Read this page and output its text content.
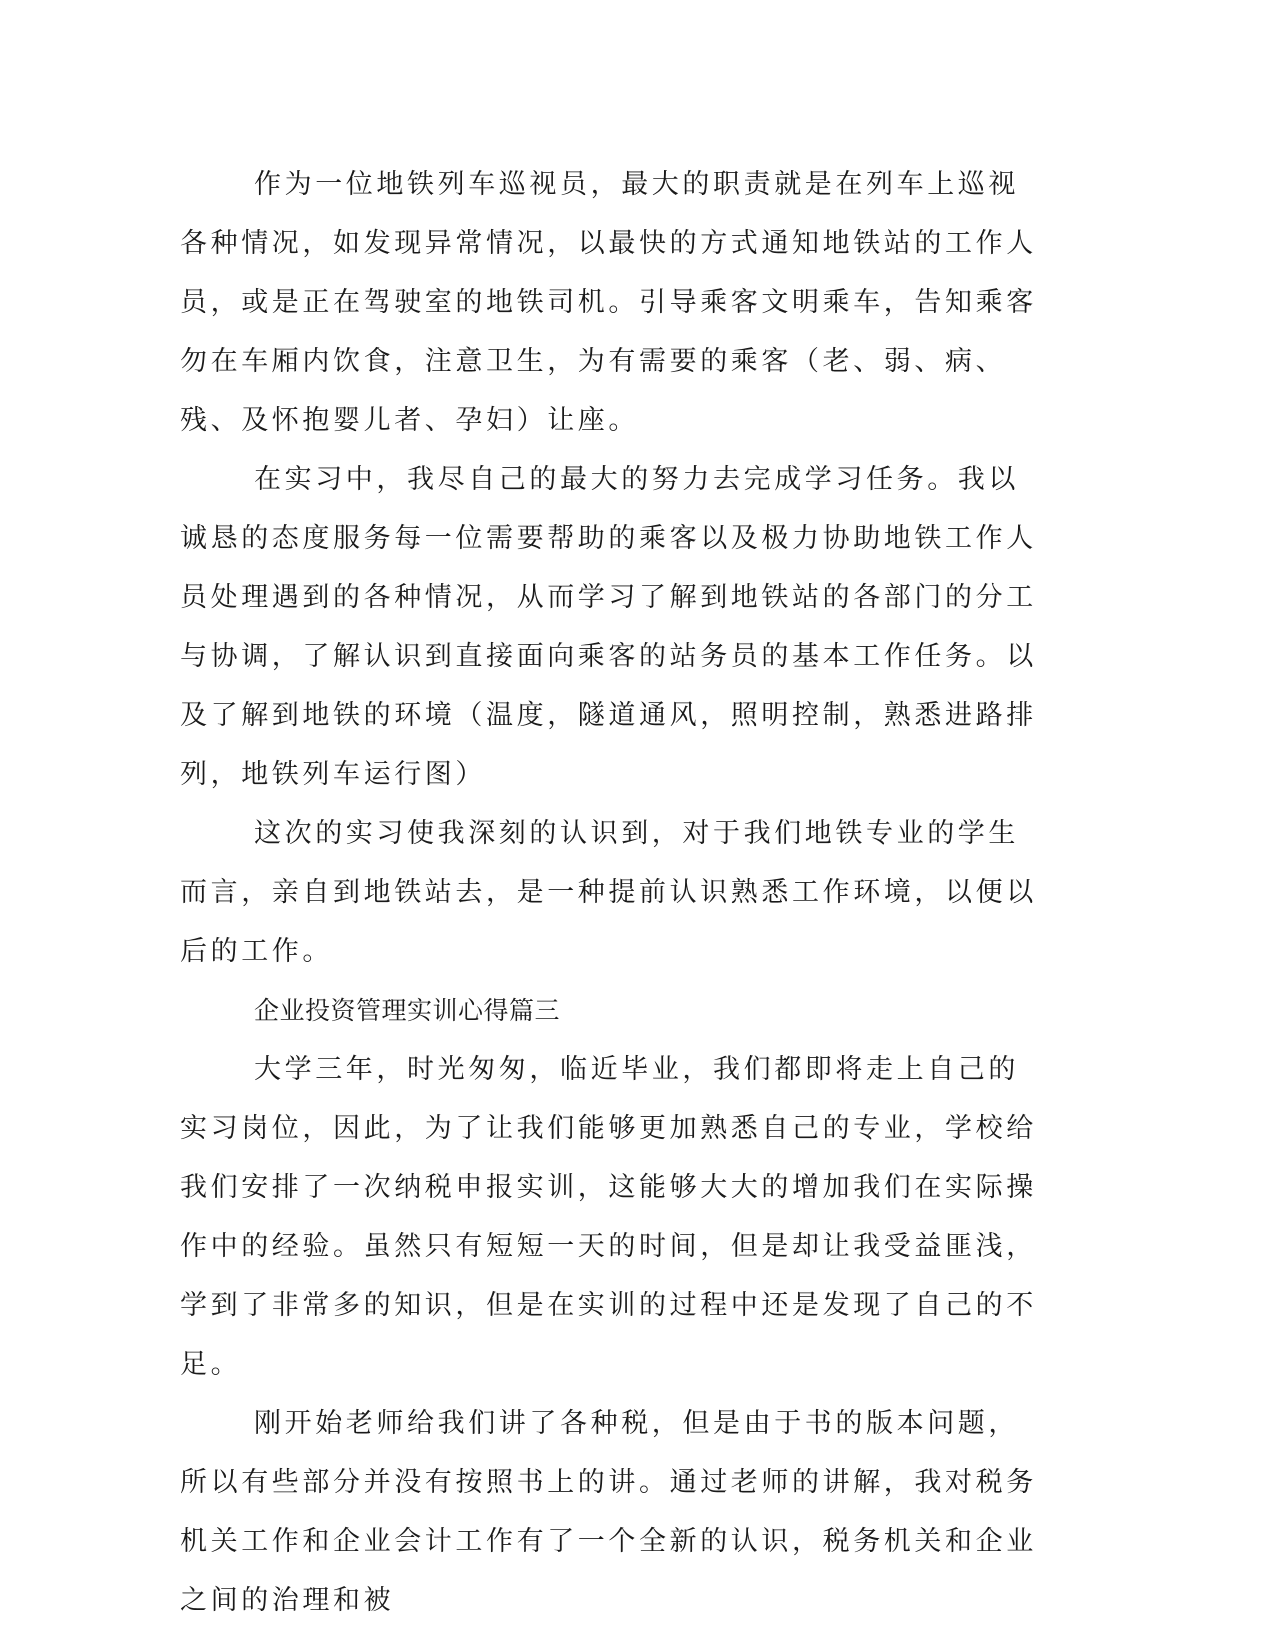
作为一位地铁列车巡视员，最大的职责就是在列车上巡视各种情况，如发现异常情况，以最快的方式通知地铁站的工作人员，或是正在驾驶室的地铁司机。引导乘客文明乘车，告知乘客勿在车厢内饮食，注意卫生，为有需要的乘客（老、弱、病、残、及怀抱婴儿者、孕妇）让座。

在实习中，我尽自己的最大的努力去完成学习任务。我以诚恳的态度服务每一位需要帮助的乘客以及极力协助地铁工作人员处理遇到的各种情况，从而学习了解到地铁站的各部门的分工与协调，了解认识到直接面向乘客的站务员的基本工作任务。以及了解到地铁的环境（温度，隧道通风，照明控制，熟悉进路排列，地铁列车运行图）

这次的实习使我深刻的认识到，对于我们地铁专业的学生而言，亲自到地铁站去，是一种提前认识熟悉工作环境，以便以后的工作。

企业投资管理实训心得篇三

大学三年，时光匆匆，临近毕业，我们都即将走上自己的实习岗位，因此，为了让我们能够更加熟悉自己的专业，学校给我们安排了一次纳税申报实训，这能够大大的增加我们在实际操作中的经验。虽然只有短短一天的时间，但是却让我受益匪浅，学到了非常多的知识，但是在实训的过程中还是发现了自己的不足。

刚开始老师给我们讲了各种税，但是由于书的版本问题，所以有些部分并没有按照书上的讲。通过老师的讲解，我对税务机关工作和企业会计工作有了一个全新的认识，税务机关和企业之间的治理和被
